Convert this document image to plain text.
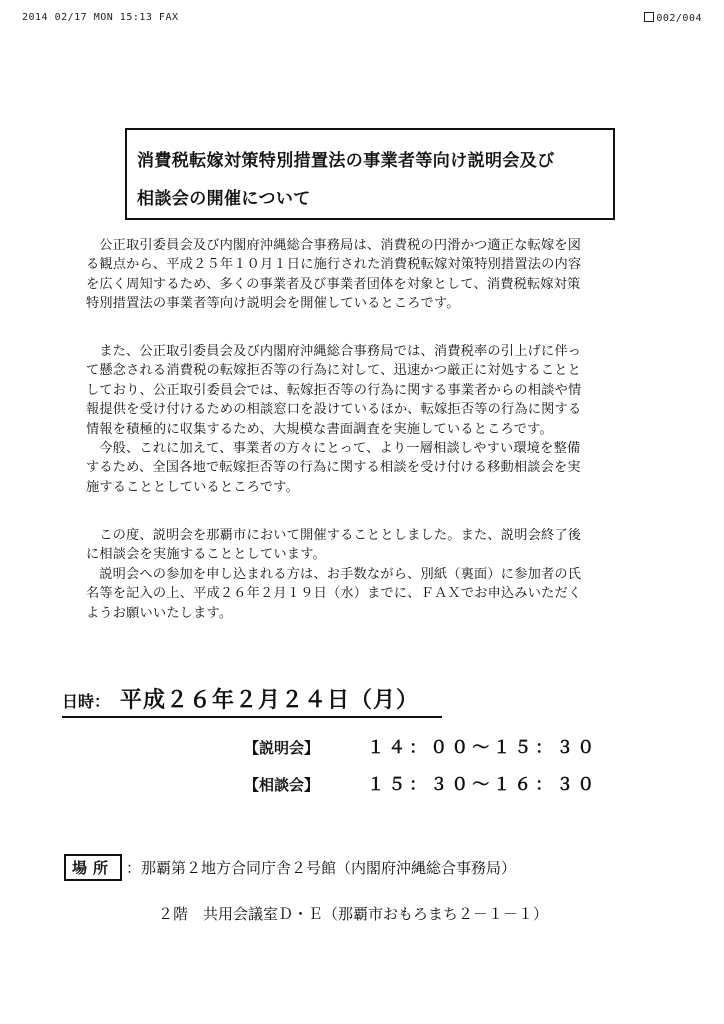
2014 02/17 MON 15:13 FAX	002/004
消費税転嫁対策特別措置法の事業者等向け説明会及び
相談会の開催について

公正取引委員会及び内閣府沖縄総合事務局は、消費税の円滑かつ適正な転嫁を図

る観点から、平成２５年１０月１日に施行された消費税転嫁対策特別措置法の内容

を広く周知するため、多くの事業者及び事業者団体を対象として、消費税転嫁対策

特別措置法の事業者等向け説明会を開催しているところです。

また、公正取引委員会及び内閣府沖縄総合事務局では、消費税率の引上げに伴っ

て懸念される消費税の転嫁拒否等の行為に対して、迅速かつ厳正に対処することと

しており、公正取引委員会では、転嫁拒否等の行為に関する事業者からの相談や情

報提供を受け付けるための相談窓口を設けているほか、転嫁拒否等の行為に関する

情報を積極的に収集するため、大規模な書面調査を実施しているところです。

今般、これに加えて、事業者の方々にとって、より一層相談しやすい環境を整備

するため、全国各地で転嫁拒否等の行為に関する相談を受け付ける移動相談会を実

施することとしているところです。

この度、説明会を那覇市において開催することとしました。また、説明会終了後

に相談会を実施することとしています。

説明会への参加を申し込まれる方は、お手数ながら、別紙（裏面）に参加者の氏

名等を記入の上、平成２６年２月１９日（水）までに、ＦＡＸでお申込みいただく

ようお願いいたします。

日時： 平成２６年２月２４日（月）
【説明会】	１４：００～１５：３０
【相談会】	１５：３０～１６：３０
場所 ：那覇第２地方合同庁舎２号館（内閣府沖縄総合事務局）
２階　共用会議室Ｄ・Ｅ（那覇市おもろまち２－１－１）
